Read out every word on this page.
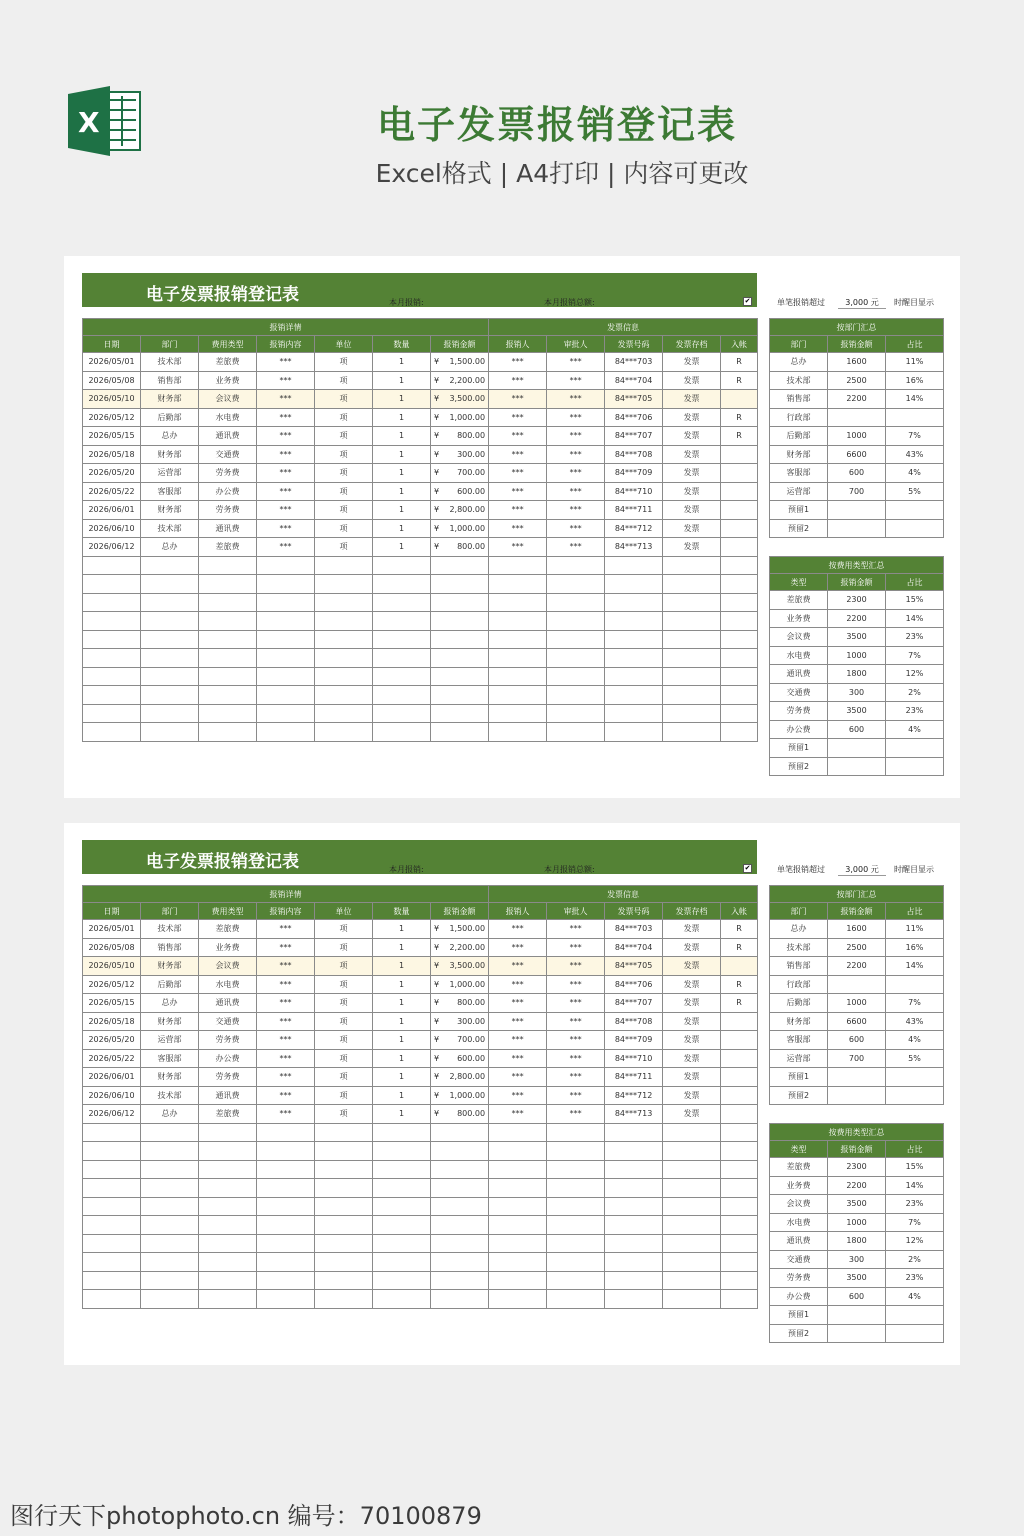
X	电子发票报销登记表
Excel格式 | A4打印 | 内容可更改
电子发票报销登记表	本月报销:	本月报销总额:	✔	单笔报销超过	3,000 元	时醒目显示
报销详情							发票信息				
日期	部门	费用类型	报销内容	单位	数量	报销金额	报销人	审批人	发票号码	发票存档	入帐
2026/05/01	技术部	差旅费	***	项	1	¥ 1,500.00	***	***	84***703	发票	R
2026/05/08	销售部	业务费	***	项	1	¥ 2,200.00	***	***	84***704	发票	R
2026/05/10	财务部	会议费	***	项	1	¥ 3,500.00	***	***	84***705	发票	
2026/05/12	后勤部	水电费	***	项	1	¥ 1,000.00	***	***	84***706	发票	R
2026/05/15	总办	通讯费	***	项	1	¥ 800.00	***	***	84***707	发票	R
2026/05/18	财务部	交通费	***	项	1	¥ 300.00	***	***	84***708	发票	
2026/05/20	运营部	劳务费	***	项	1	¥ 700.00	***	***	84***709	发票	
2026/05/22	客服部	办公费	***	项	1	¥ 600.00	***	***	84***710	发票	
2026/06/01	财务部	劳务费	***	项	1	¥ 2,800.00	***	***	84***711	发票	
2026/06/10	技术部	通讯费	***	项	1	¥ 1,000.00	***	***	84***712	发票	
2026/06/12	总办	差旅费	***	项	1	¥ 800.00	***	***	84***713	发票	

按部门汇总		
部门	报销金额	占比
总办	1600	11%
技术部	2500	16%
销售部	2200	14%
行政部		
后勤部	1000	7%
财务部	6600	43%
客服部	600	4%
运营部	700	5%
预留1		
预留2		
按费用类型汇总		
类型	报销金额	占比
差旅费	2300	15%
业务费	2200	14%
会议费	3500	23%
水电费	1000	7%
通讯费	1800	12%
交通费	300	2%
劳务费	3500	23%
办公费	600	4%
预留1		
预留2		
电子发票报销登记表	本月报销:	本月报销总额:	✔	单笔报销超过	3,000 元	时醒目显示
报销详情							发票信息				
日期	部门	费用类型	报销内容	单位	数量	报销金额	报销人	审批人	发票号码	发票存档	入帐
2026/05/01	技术部	差旅费	***	项	1	¥ 1,500.00	***	***	84***703	发票	R
2026/05/08	销售部	业务费	***	项	1	¥ 2,200.00	***	***	84***704	发票	R
2026/05/10	财务部	会议费	***	项	1	¥ 3,500.00	***	***	84***705	发票	
2026/05/12	后勤部	水电费	***	项	1	¥ 1,000.00	***	***	84***706	发票	R
2026/05/15	总办	通讯费	***	项	1	¥ 800.00	***	***	84***707	发票	R
2026/05/18	财务部	交通费	***	项	1	¥ 300.00	***	***	84***708	发票	
2026/05/20	运营部	劳务费	***	项	1	¥ 700.00	***	***	84***709	发票	
2026/05/22	客服部	办公费	***	项	1	¥ 600.00	***	***	84***710	发票	
2026/06/01	财务部	劳务费	***	项	1	¥ 2,800.00	***	***	84***711	发票	
2026/06/10	技术部	通讯费	***	项	1	¥ 1,000.00	***	***	84***712	发票	
2026/06/12	总办	差旅费	***	项	1	¥ 800.00	***	***	84***713	发票	

按部门汇总		
部门	报销金额	占比
总办	1600	11%
技术部	2500	16%
销售部	2200	14%
行政部		
后勤部	1000	7%
财务部	6600	43%
客服部	600	4%
运营部	700	5%
预留1		
预留2		
按费用类型汇总		
类型	报销金额	占比
差旅费	2300	15%
业务费	2200	14%
会议费	3500	23%
水电费	1000	7%
通讯费	1800	12%
交通费	300	2%
劳务费	3500	23%
办公费	600	4%
预留1		
预留2		
图行天下photophoto.cn 编号：70100879
